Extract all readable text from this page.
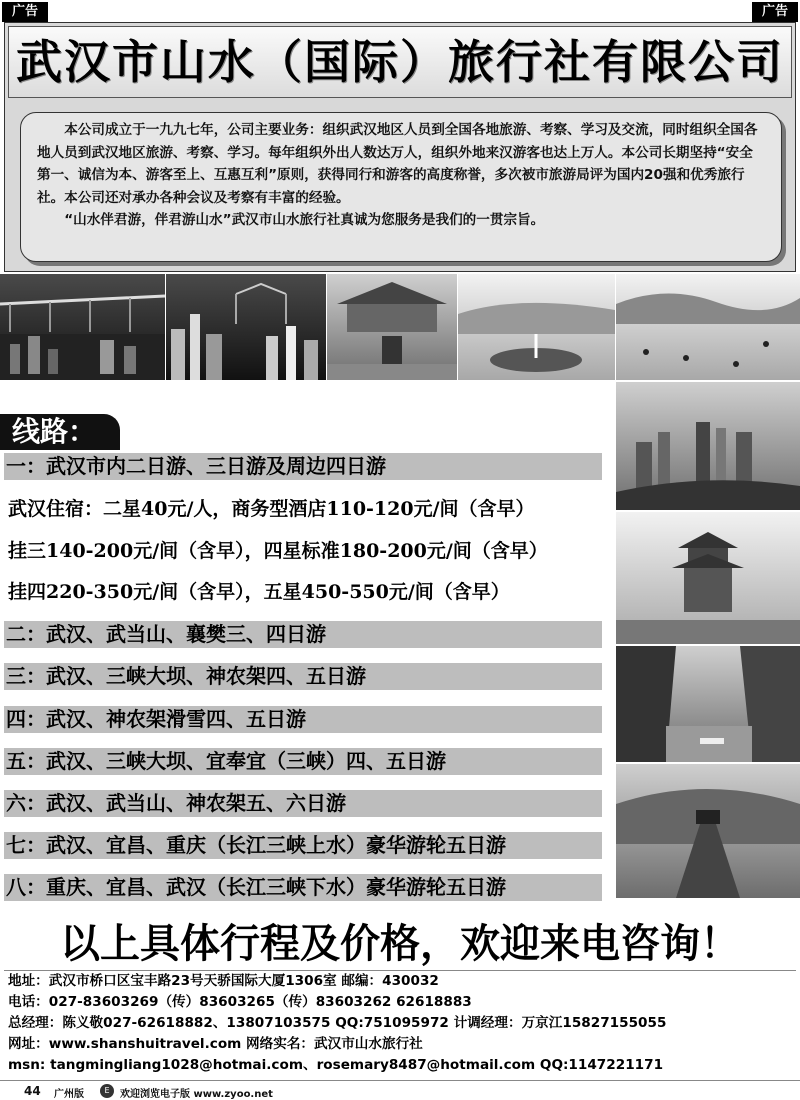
广告	广告
武汉市山水（国际）旅行社有限公司

本公司成立于一九九七年，公司主要业务：组织武汉地区人员到全国各地旅游、考察、学习及交流，同时组织全国各地人员到武汉地区旅游、考察、学习。每年组织外出人数达万人，组织外地来汉游客也达上万人。本公司长期坚持“安全第一、诚信为本、游客至上、互惠互利”原则，获得同行和游客的高度称誉，多次被市旅游局评为国内20强和优秀旅行社。本公司还对承办各种会议及考察有丰富的经验。

“山水伴君游，伴君游山水”武汉市山水旅行社真诚为您服务是我们的一贯宗旨。

线路：
一：武汉市内二日游、三日游及周边四日游
武汉住宿：二星40元/人，商务型酒店110-120元/间（含早）
挂三140-200元/间（含早），四星标准180-200元/间（含早）
挂四220-350元/间（含早），五星450-550元/间（含早）
二：武汉、武当山、襄樊三、四日游
三：武汉、三峡大坝、神农架四、五日游
四：武汉、神农架滑雪四、五日游
五：武汉、三峡大坝、宜奉宜（三峡）四、五日游
六：武汉、武当山、神农架五、六日游
七：武汉、宜昌、重庆（长江三峡上水）豪华游轮五日游
八：重庆、宜昌、武汉（长江三峡下水）豪华游轮五日游
以上具体行程及价格，欢迎来电咨询！
地址：武汉市桥口区宝丰路23号天骄国际大厦1306室 邮编：430032
电话：027-83603269（传）83603265（传）83603262 62618883
总经理：陈义敬027-62618882、13807103575 QQ:751095972 计调经理：万京江15827155055
网址：www.shanshuitravel.com 网络实名：武汉市山水旅行社
msn: tangmingliang1028@hotmai.com、rosemary8487@hotmail.com QQ:1147221171
44 广州版	E	欢迎浏览电子版 www.zyoo.net
